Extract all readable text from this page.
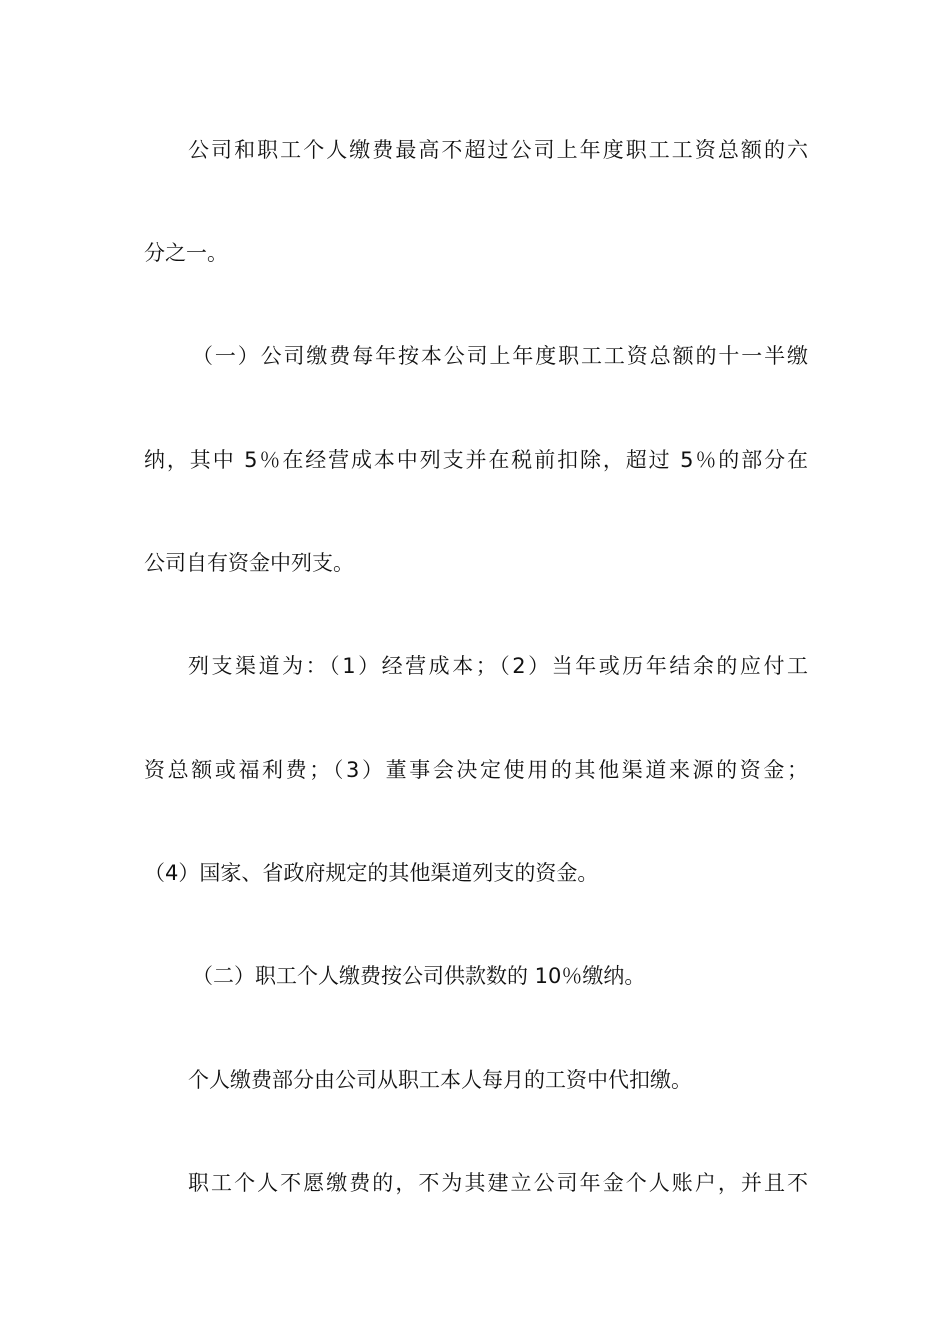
公司和职工个人缴费最高不超过公司上年度职工工资总额的六
分之一。
（一）公司缴费每年按本公司上年度职工工资总额的十一半缴
纳，其中 5％在经营成本中列支并在税前扣除，超过 5％的部分在
公司自有资金中列支。
列支渠道为：（1）经营成本；（2）当年或历年结余的应付工
资总额或福利费；（3）董事会决定使用的其他渠道来源的资金；
（4）国家、省政府规定的其他渠道列支的资金。
（二）职工个人缴费按公司供款数的 10％缴纳。
个人缴费部分由公司从职工本人每月的工资中代扣缴。
职工个人不愿缴费的，不为其建立公司年金个人账户，并且不
